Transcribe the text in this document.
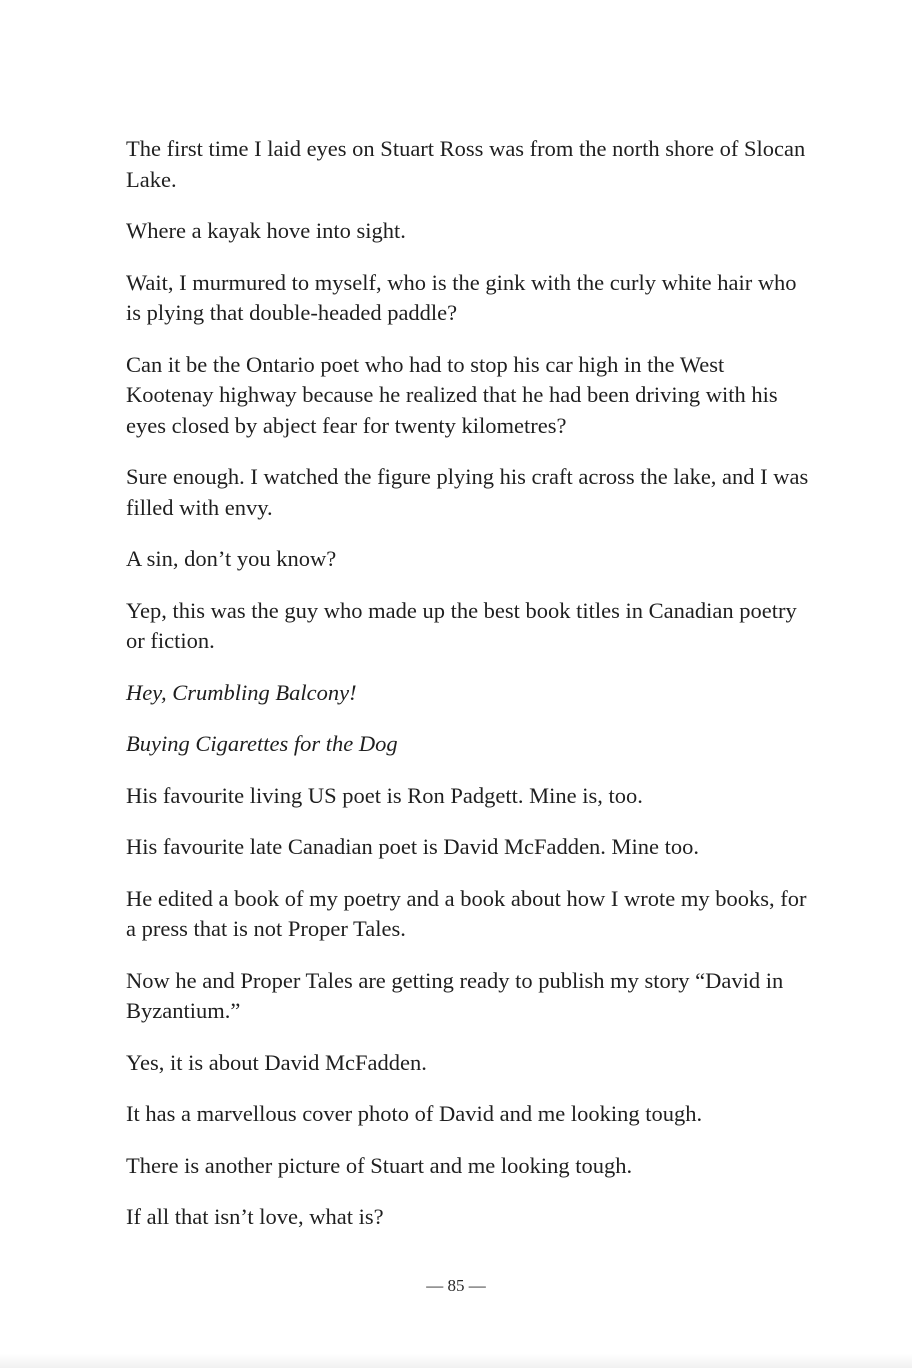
The first time I laid eyes on Stuart Ross was from the north shore of Slocan Lake.

Where a kayak hove into sight.

Wait, I murmured to myself, who is the gink with the curly white hair who is plying that double-headed paddle?

Can it be the Ontario poet who had to stop his car high in the West Kootenay highway because he realized that he had been driving with his eyes closed by abject fear for twenty kilometres?

Sure enough. I watched the figure plying his craft across the lake, and I was filled with envy.

A sin, don’t you know?

Yep, this was the guy who made up the best book titles in Canadian poetry or fiction.

Hey, Crumbling Balcony!

Buying Cigarettes for the Dog

His favourite living US poet is Ron Padgett. Mine is, too.

His favourite late Canadian poet is David McFadden. Mine too.

He edited a book of my poetry and a book about how I wrote my books, for a press that is not Proper Tales.

Now he and Proper Tales are getting ready to publish my story “David in Byzantium.”

Yes, it is about David McFadden.

It has a marvellous cover photo of David and me looking tough.

There is another picture of Stuart and me looking tough.

If all that isn’t love, what is?

— 85 —
